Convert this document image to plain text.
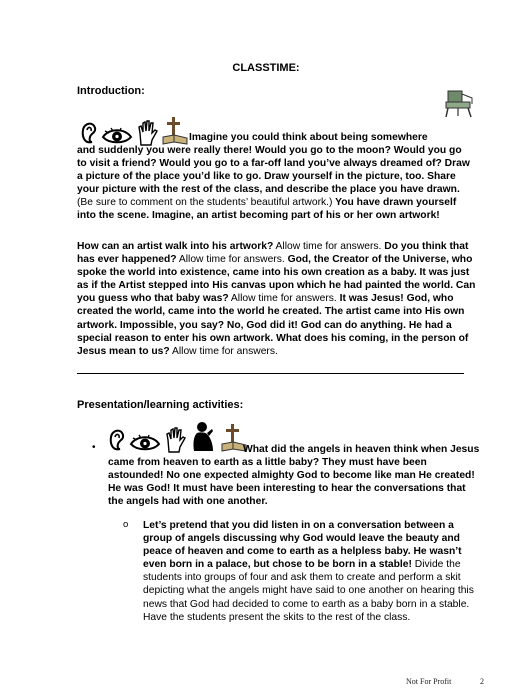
CLASSTIME:
Introduction:
Imagine you could think about being somewhere
and suddenly you were really there! Would you go to the moon? Would you go
to visit a friend? Would you go to a far-off land you’ve always dreamed of? Draw
a picture of the place you’d like to go. Draw yourself in the picture, too. Share
your picture with the rest of the class, and describe the place you have drawn.
(Be sure to comment on the students’ beautiful artwork.) You have drawn yourself
into the scene. Imagine, an artist becoming part of his or her own artwork!
How can an artist walk into his artwork? Allow time for answers. Do you think that
has ever happened? Allow time for answers. God, the Creator of the Universe, who
spoke the world into existence, came into his own creation as a baby. It was just
as if the Artist stepped into His canvas upon which he had painted the world. Can
you guess who that baby was? Allow time for answers. It was Jesus! God, who
created the world, came into the world he created. The artist came into His own
artwork. Impossible, you say? No, God did it! God can do anything. He had a
special reason to enter his own artwork. What does his coming, in the person of
Jesus mean to us? Allow time for answers.
Presentation/learning activities:
•	What did the angels in heaven think when Jesus
came from heaven to earth as a little baby? They must have been
astounded! No one expected almighty God to become like man He created!
He was God! It must have been interesting to hear the conversations that
the angels had with one another.
o Let’s pretend that you did listen in on a conversation between a
group of angels discussing why God would leave the beauty and
peace of heaven and come to earth as a helpless baby. He wasn’t
even born in a palace, but chose to be born in a stable! Divide the
students into groups of four and ask them to create and perform a skit
depicting what the angels might have said to one another on hearing this
news that God had decided to come to earth as a baby born in a stable.
Have the students present the skits to the rest of the class.
Not For Profit	2
